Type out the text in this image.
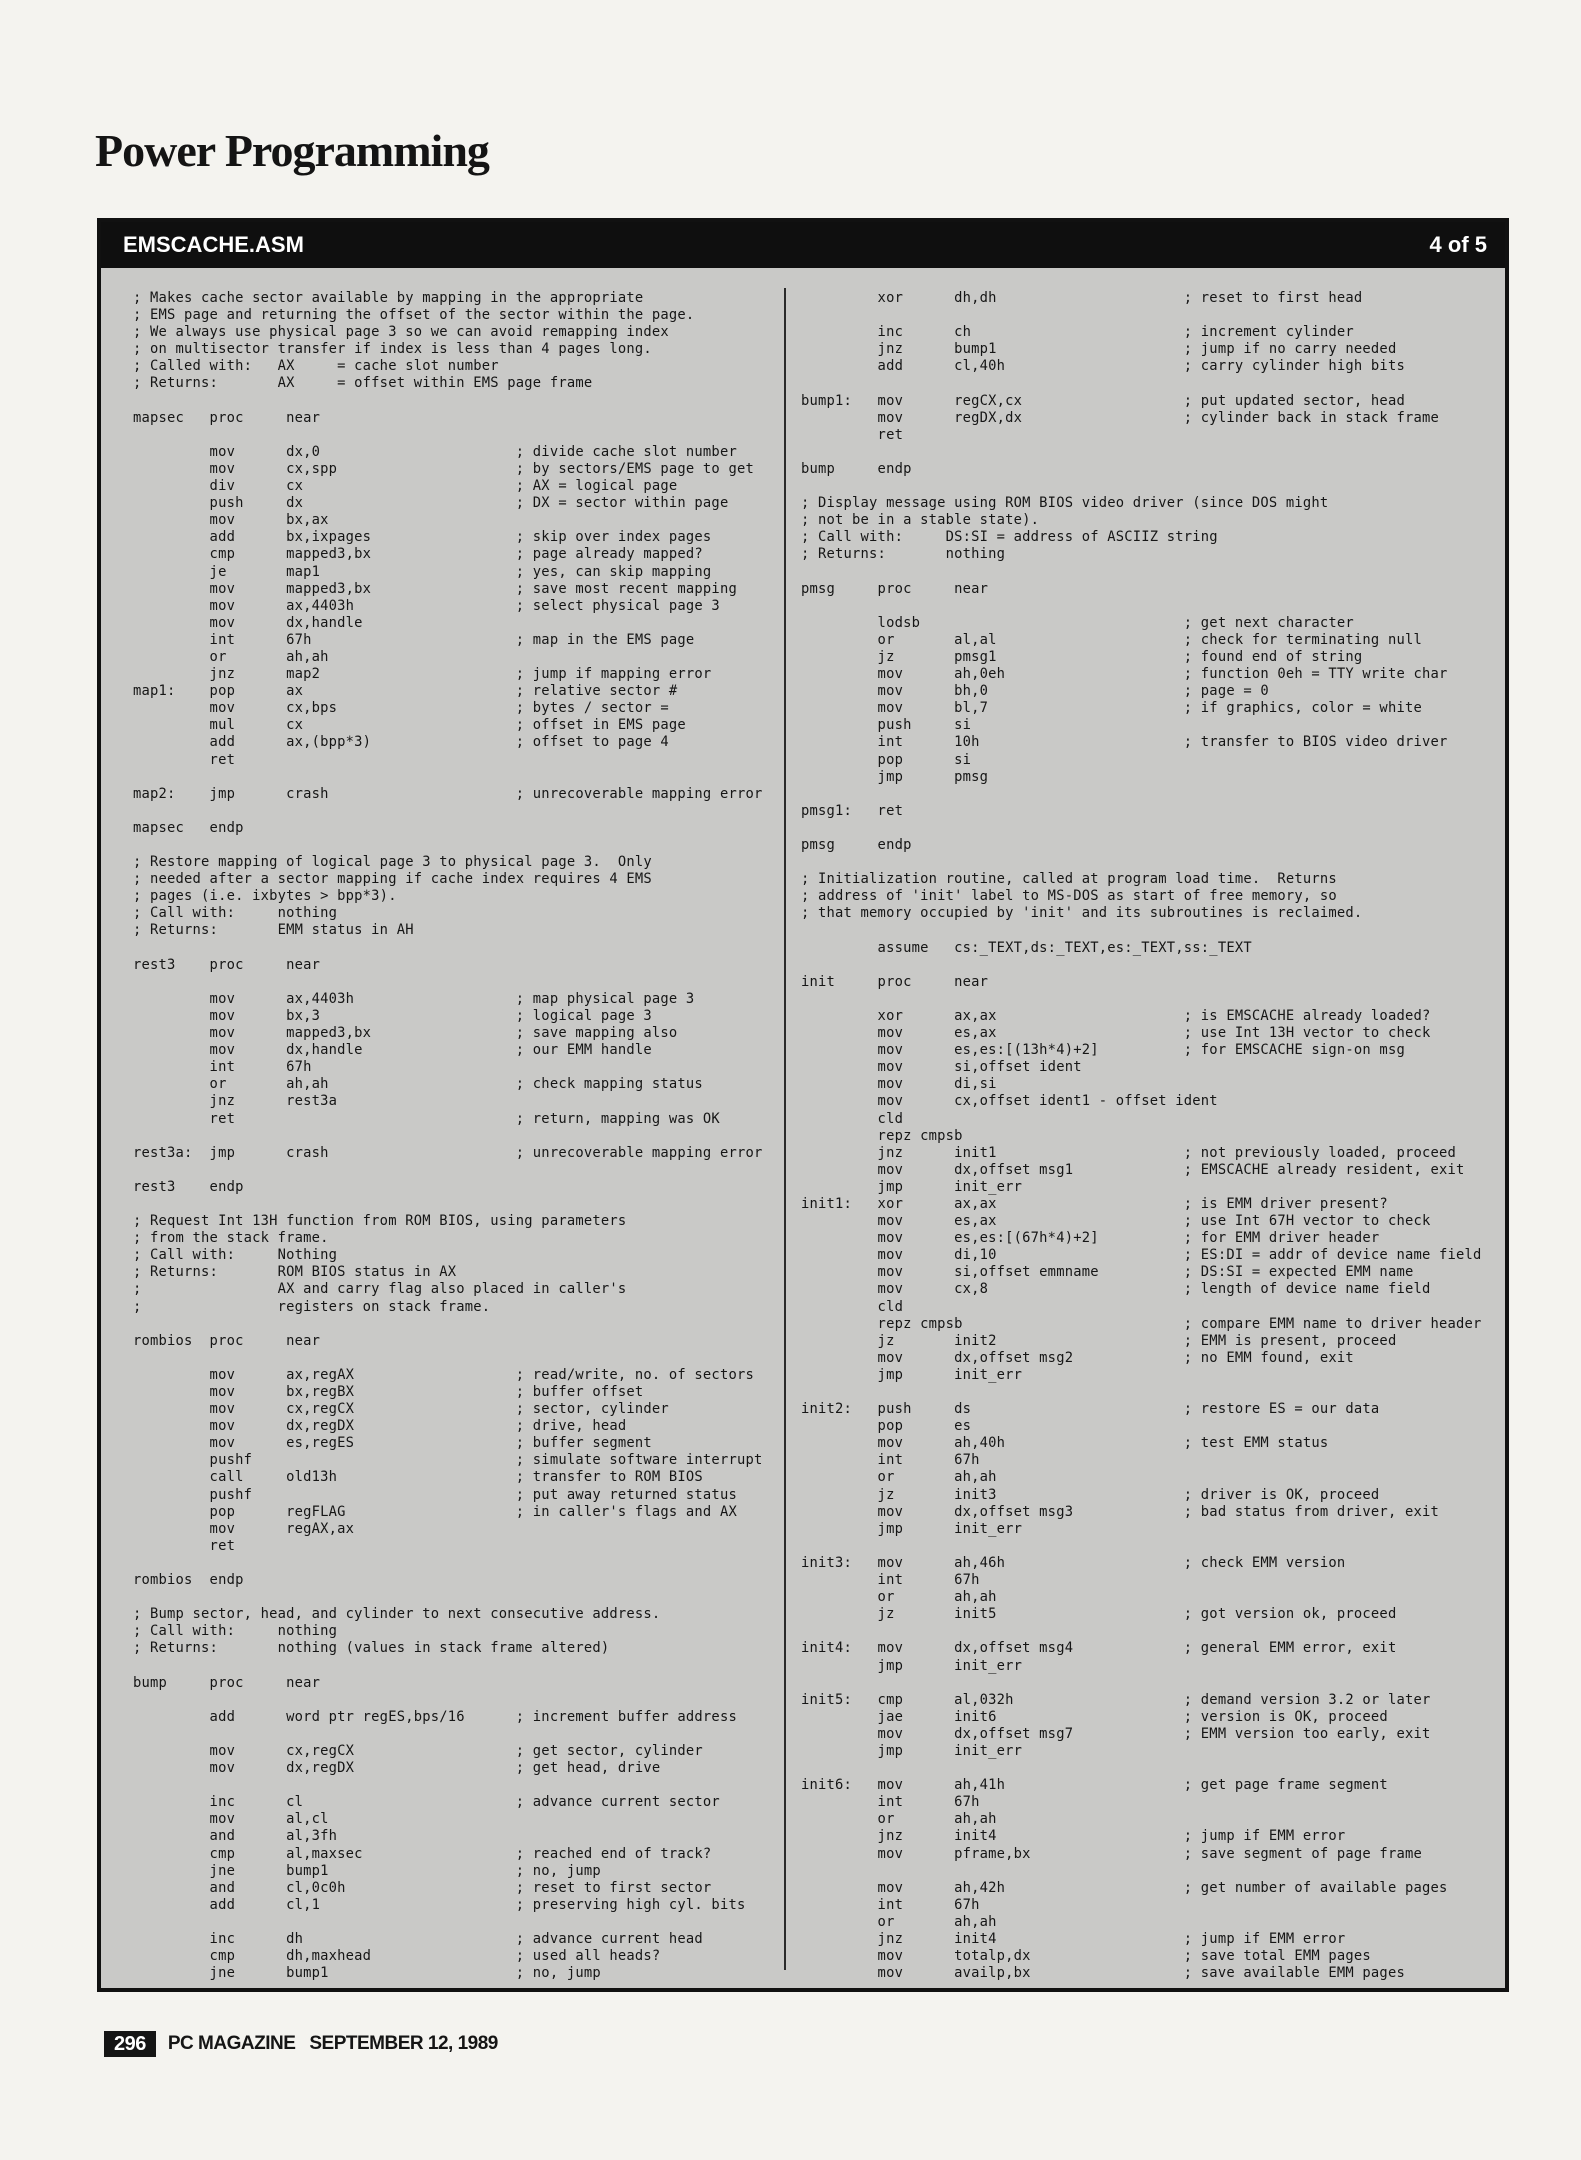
Power Programming
EMSCACHE.ASM	4 of 5
; Makes cache sector available by mapping in the appropriate
; EMS page and returning the offset of the sector within the page.
; We always use physical page 3 so we can avoid remapping index
; on multisector transfer if index is less than 4 pages long.
; Called with:   AX     = cache slot number
; Returns:       AX     = offset within EMS page frame

mapsec   proc     near

mov      dx,0                       ; divide cache slot number
mov      cx,spp                     ; by sectors/EMS page to get
div      cx                         ; AX = logical page
push     dx                         ; DX = sector within page
mov      bx,ax
add      bx,ixpages                 ; skip over index pages
cmp      mapped3,bx                 ; page already mapped?
je       map1                       ; yes, can skip mapping
mov      mapped3,bx                 ; save most recent mapping
mov      ax,4403h                   ; select physical page 3
mov      dx,handle
int      67h                        ; map in the EMS page
or       ah,ah
jnz      map2                       ; jump if mapping error
map1:    pop      ax                         ; relative sector #
mov      cx,bps                     ; bytes / sector =
mul      cx                         ; offset in EMS page
add      ax,(bpp*3)                 ; offset to page 4
ret

map2:    jmp      crash                      ; unrecoverable mapping error

mapsec   endp

; Restore mapping of logical page 3 to physical page 3.  Only
; needed after a sector mapping if cache index requires 4 EMS
; pages (i.e. ixbytes > bpp*3).
; Call with:     nothing
; Returns:       EMM status in AH

rest3    proc     near

mov      ax,4403h                   ; map physical page 3
mov      bx,3                       ; logical page 3
mov      mapped3,bx                 ; save mapping also
mov      dx,handle                  ; our EMM handle
int      67h
or       ah,ah                      ; check mapping status
jnz      rest3a
ret                                 ; return, mapping was OK

rest3a:  jmp      crash                      ; unrecoverable mapping error

rest3    endp

; Request Int 13H function from ROM BIOS, using parameters
; from the stack frame.
; Call with:     Nothing
; Returns:       ROM BIOS status in AX
;                AX and carry flag also placed in caller's
;                registers on stack frame.

rombios  proc     near

mov      ax,regAX                   ; read/write, no. of sectors
mov      bx,regBX                   ; buffer offset
mov      cx,regCX                   ; sector, cylinder
mov      dx,regDX                   ; drive, head
mov      es,regES                   ; buffer segment
pushf                               ; simulate software interrupt
call     old13h                     ; transfer to ROM BIOS
pushf                               ; put away returned status
pop      regFLAG                    ; in caller's flags and AX
mov      regAX,ax
ret

rombios  endp

; Bump sector, head, and cylinder to next consecutive address.
; Call with:     nothing
; Returns:       nothing (values in stack frame altered)

bump     proc     near

add      word ptr regES,bps/16      ; increment buffer address

mov      cx,regCX                   ; get sector, cylinder
mov      dx,regDX                   ; get head, drive

inc      cl                         ; advance current sector
mov      al,cl
and      al,3fh
cmp      al,maxsec                  ; reached end of track?
jne      bump1                      ; no, jump
and      cl,0c0h                    ; reset to first sector
add      cl,1                       ; preserving high cyl. bits

inc      dh                         ; advance current head
cmp      dh,maxhead                 ; used all heads?
jne      bump1                      ; no, jump
xor      dh,dh                      ; reset to first head

inc      ch                         ; increment cylinder
jnz      bump1                      ; jump if no carry needed
add      cl,40h                     ; carry cylinder high bits

bump1:   mov      regCX,cx                   ; put updated sector, head
mov      regDX,dx                   ; cylinder back in stack frame
ret

bump     endp

; Display message using ROM BIOS video driver (since DOS might
; not be in a stable state).
; Call with:     DS:SI = address of ASCIIZ string
; Returns:       nothing

pmsg     proc     near

lodsb                               ; get next character
or       al,al                      ; check for terminating null
jz       pmsg1                      ; found end of string
mov      ah,0eh                     ; function 0eh = TTY write char
mov      bh,0                       ; page = 0
mov      bl,7                       ; if graphics, color = white
push     si
int      10h                        ; transfer to BIOS video driver
pop      si
jmp      pmsg

pmsg1:   ret

pmsg     endp

; Initialization routine, called at program load time.  Returns
; address of 'init' label to MS-DOS as start of free memory, so
; that memory occupied by 'init' and its subroutines is reclaimed.

assume   cs:_TEXT,ds:_TEXT,es:_TEXT,ss:_TEXT

init     proc     near

xor      ax,ax                      ; is EMSCACHE already loaded?
mov      es,ax                      ; use Int 13H vector to check
mov      es,es:[(13h*4)+2]          ; for EMSCACHE sign-on msg
mov      si,offset ident
mov      di,si
mov      cx,offset ident1 - offset ident
cld
repz cmpsb
jnz      init1                      ; not previously loaded, proceed
mov      dx,offset msg1             ; EMSCACHE already resident, exit
jmp      init_err
init1:   xor      ax,ax                      ; is EMM driver present?
mov      es,ax                      ; use Int 67H vector to check
mov      es,es:[(67h*4)+2]          ; for EMM driver header
mov      di,10                      ; ES:DI = addr of device name field
mov      si,offset emmname          ; DS:SI = expected EMM name
mov      cx,8                       ; length of device name field
cld
repz cmpsb                          ; compare EMM name to driver header
jz       init2                      ; EMM is present, proceed
mov      dx,offset msg2             ; no EMM found, exit
jmp      init_err

init2:   push     ds                         ; restore ES = our data
pop      es
mov      ah,40h                     ; test EMM status
int      67h
or       ah,ah
jz       init3                      ; driver is OK, proceed
mov      dx,offset msg3             ; bad status from driver, exit
jmp      init_err

init3:   mov      ah,46h                     ; check EMM version
int      67h
or       ah,ah
jz       init5                      ; got version ok, proceed

init4:   mov      dx,offset msg4             ; general EMM error, exit
jmp      init_err

init5:   cmp      al,032h                    ; demand version 3.2 or later
jae      init6                      ; version is OK, proceed
mov      dx,offset msg7             ; EMM version too early, exit
jmp      init_err

init6:   mov      ah,41h                     ; get page frame segment
int      67h
or       ah,ah
jnz      init4                      ; jump if EMM error
mov      pframe,bx                  ; save segment of page frame

mov      ah,42h                     ; get number of available pages
int      67h
or       ah,ah
jnz      init4                      ; jump if EMM error
mov      totalp,dx                  ; save total EMM pages
mov      availp,bx                  ; save available EMM pages
296	PC MAGAZINE SEPTEMBER 12, 1989
